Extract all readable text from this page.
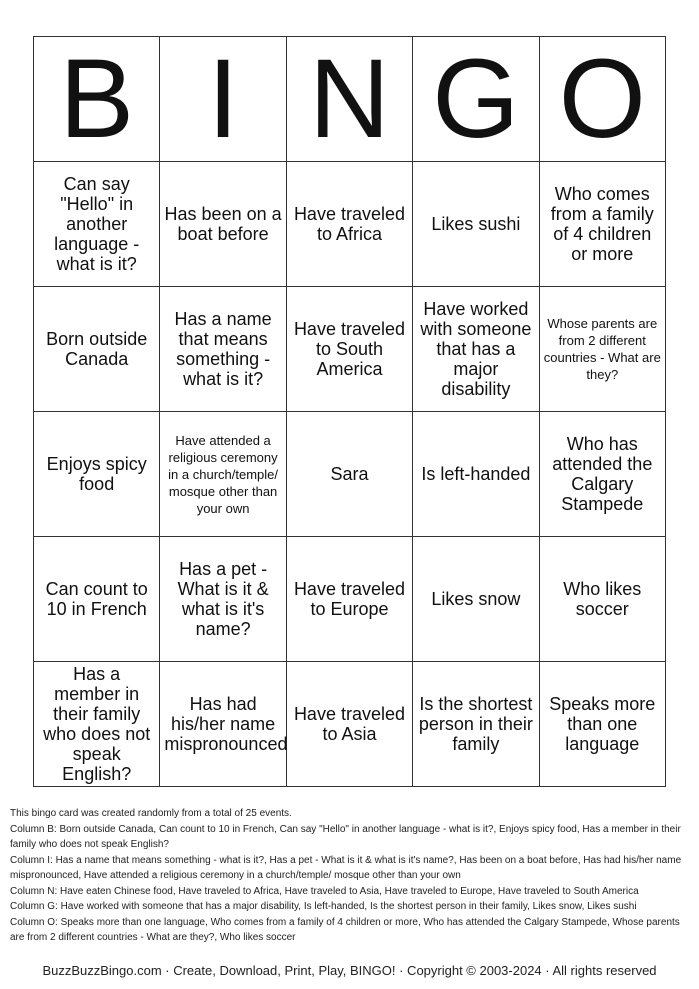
B	I	N	G	O
Can say "Hello" in another language - what is it?	Has been on a boat before	Have traveled to Africa	Likes sushi	Who comes from a family of 4 children or more
Born outside Canada	Has a name that means something - what is it?	Have traveled to South America	Have worked with someone that has a major disability	Whose parents are from 2 different countries - What are they?
Enjoys spicy food	Have attended a religious ceremony in a church/temple/ mosque other than your own	Sara	Is left-handed	Who has attended the Calgary Stampede
Can count to 10 in French	Has a pet - What is it & what is it's name?	Have traveled to Europe	Likes snow	Who likes soccer
Has a member in their family who does not speak English?	Has had his/her name mispronounced	Have traveled to Asia	Is the shortest person in their family	Speaks more than one language
This bingo card was created randomly from a total of 25 events.
Column B: Born outside Canada, Can count to 10 in French, Can say "Hello" in another language - what is it?, Enjoys spicy food, Has a member in their family who does not speak English?
Column I: Has a name that means something - what is it?, Has a pet - What is it & what is it's name?, Has been on a boat before, Has had his/her name mispronounced, Have attended a religious ceremony in a church/temple/ mosque other than your own
Column N: Have eaten Chinese food, Have traveled to Africa, Have traveled to Asia, Have traveled to Europe, Have traveled to South America
Column G: Have worked with someone that has a major disability, Is left-handed, Is the shortest person in their family, Likes snow, Likes sushi
Column O: Speaks more than one language, Who comes from a family of 4 children or more, Who has attended the Calgary Stampede, Whose parents are from 2 different countries - What are they?, Who likes soccer
BuzzBuzzBingo.com · Create, Download, Print, Play, BINGO! · Copyright © 2003-2024 · All rights reserved
